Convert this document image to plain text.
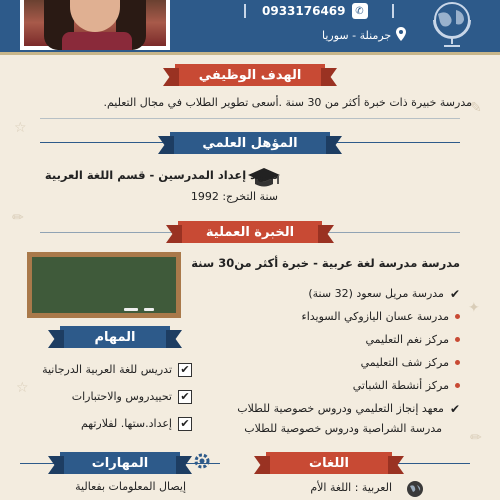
☆
✎
✏
✦
☆
✏
0933176469 ✆
جرمنلة - سوريا
الهدف الوظيفي
مدرسة خبيرة ذات خبرة أكثر من 30 سنة .أسعى تطوير الطلاب في مجال التعليم.
المؤهل العلمي
معهد إعداد المدرسين - قسم اللغة العربية
سنة التخرج: 1992
الخبرة العملية
مدرسة مدرسة لغة عربية - خبرة أكثر من30 سنة
✔
مدرسة مريل سعود (32 سنة)
مدرسة عسان اليازوكي السويداء
مركز نغم التعليمي
مركز شف التعليمي
مركز أنشطة الشباتي
✔
معهد إنجاز التعليمي ودروس خصوصية للطلاب
مدرسة الشراصية ودروس خصوصية للطلاب
المهام
✔
تدريس للغة العربية الدرجانية
✔
تحييدروس والاحتبارات
✔
إعداد.ستها. لفلارتهم
المهارات
إيصال المعلومات بفعالية
اللغات
العربية : اللغة الأم
